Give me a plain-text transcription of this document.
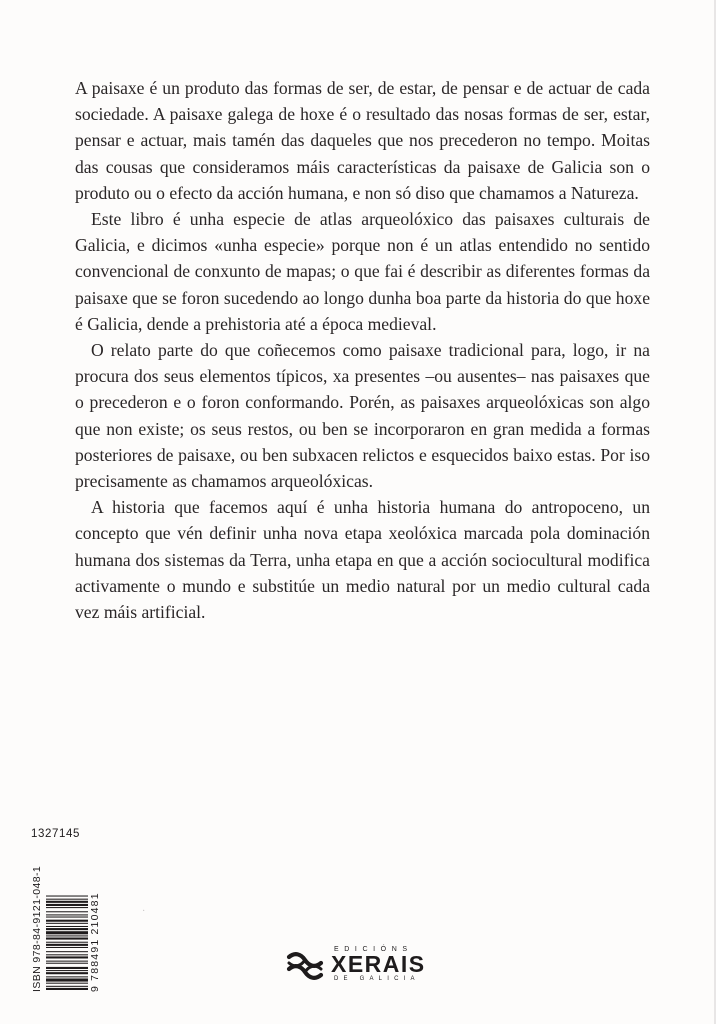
A paisaxe é un produto das formas de ser, de estar, de pensar e de actuar de cada sociedade. A paisaxe galega de hoxe é o resultado das nosas formas de ser, estar, pensar e actuar, mais tamén das daqueles que nos precederon no tempo. Moitas das cousas que consideramos máis características da paisaxe de Galicia son o produto ou o efecto da acción humana, e non só diso que chamamos a Natureza.

Este libro é unha especie de atlas arqueolóxico das paisaxes culturais de Galicia, e dicimos «unha especie» porque non é un atlas entendido no sentido convencional de conxunto de mapas; o que fai é describir as diferentes formas da paisaxe que se foron sucedendo ao longo dunha boa parte da historia do que hoxe é Galicia, dende a prehistoria até a época medieval.

O relato parte do que coñecemos como paisaxe tradicional para, logo, ir na procura dos seus elementos típicos, xa presentes –ou ausentes– nas paisaxes que o precederon e o foron conformando. Porén, as paisaxes arqueolóxicas son algo que non existe; os seus restos, ou ben se incorporaron en gran medida a formas posteriores de paisaxe, ou ben subxacen relictos e esquecidos baixo estas. Por iso precisamente as chamamos arqueolóxicas.

A historia que facemos aquí é unha historia humana do antropoceno, un concepto que vén definir unha nova etapa xeolóxica marcada pola dominación humana dos sistemas da Terra, unha etapa en que a acción sociocultural modifica activamente o mundo e substitúe un medio natural por un medio cultural cada vez máis artificial.

1327145
ISBN 978-84-9121-048-1	9 788491 210481	·
EDICIÓNS
XERAIS
DE GALICIA
